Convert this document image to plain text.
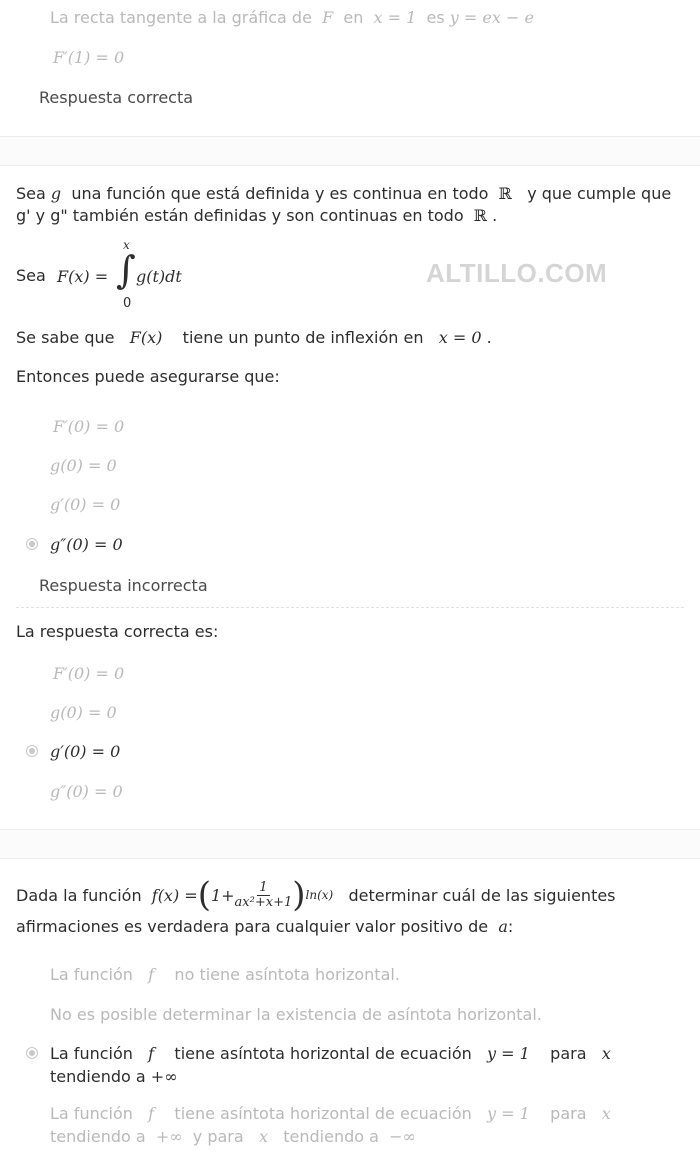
La recta tangente a la gráfica de F en x = 1 es y = ex − e
F′(1) = 0
Respuesta correcta
Sea g una función que está definida y es continua en todo ℝ y que cumple que
g' y g" también están definidas y son continuas en todo ℝ .
Sea F(x) =
x
∫ g(t)dt
0
ALTILLO.COM
Se sabe que F(x) tiene un punto de inflexión en x = 0 .
Entonces puede asegurarse que:
F′(0) = 0
g(0) = 0
g′(0) = 0
g″(0) = 0
Respuesta incorrecta
La respuesta correcta es:
F′(0) = 0
g(0) = 0
g′(0) = 0
g″(0) = 0
Dada la función
f(x) = ( $1+ \frac{1}{\text{ax²+x+1}}$ ) ln(x)
determinar cuál de las siguientes
afirmaciones es verdadera para cualquier valor positivo de a:
La función f no tiene asíntota horizontal.
No es posible determinar la existencia de asíntota horizontal.
La función f tiene asíntota horizontal de ecuación y = 1 para x
tendiendo a +∞
La función f tiene asíntota horizontal de ecuación y = 1 para x
tendiendo a +∞ y para x tendiendo a −∞
